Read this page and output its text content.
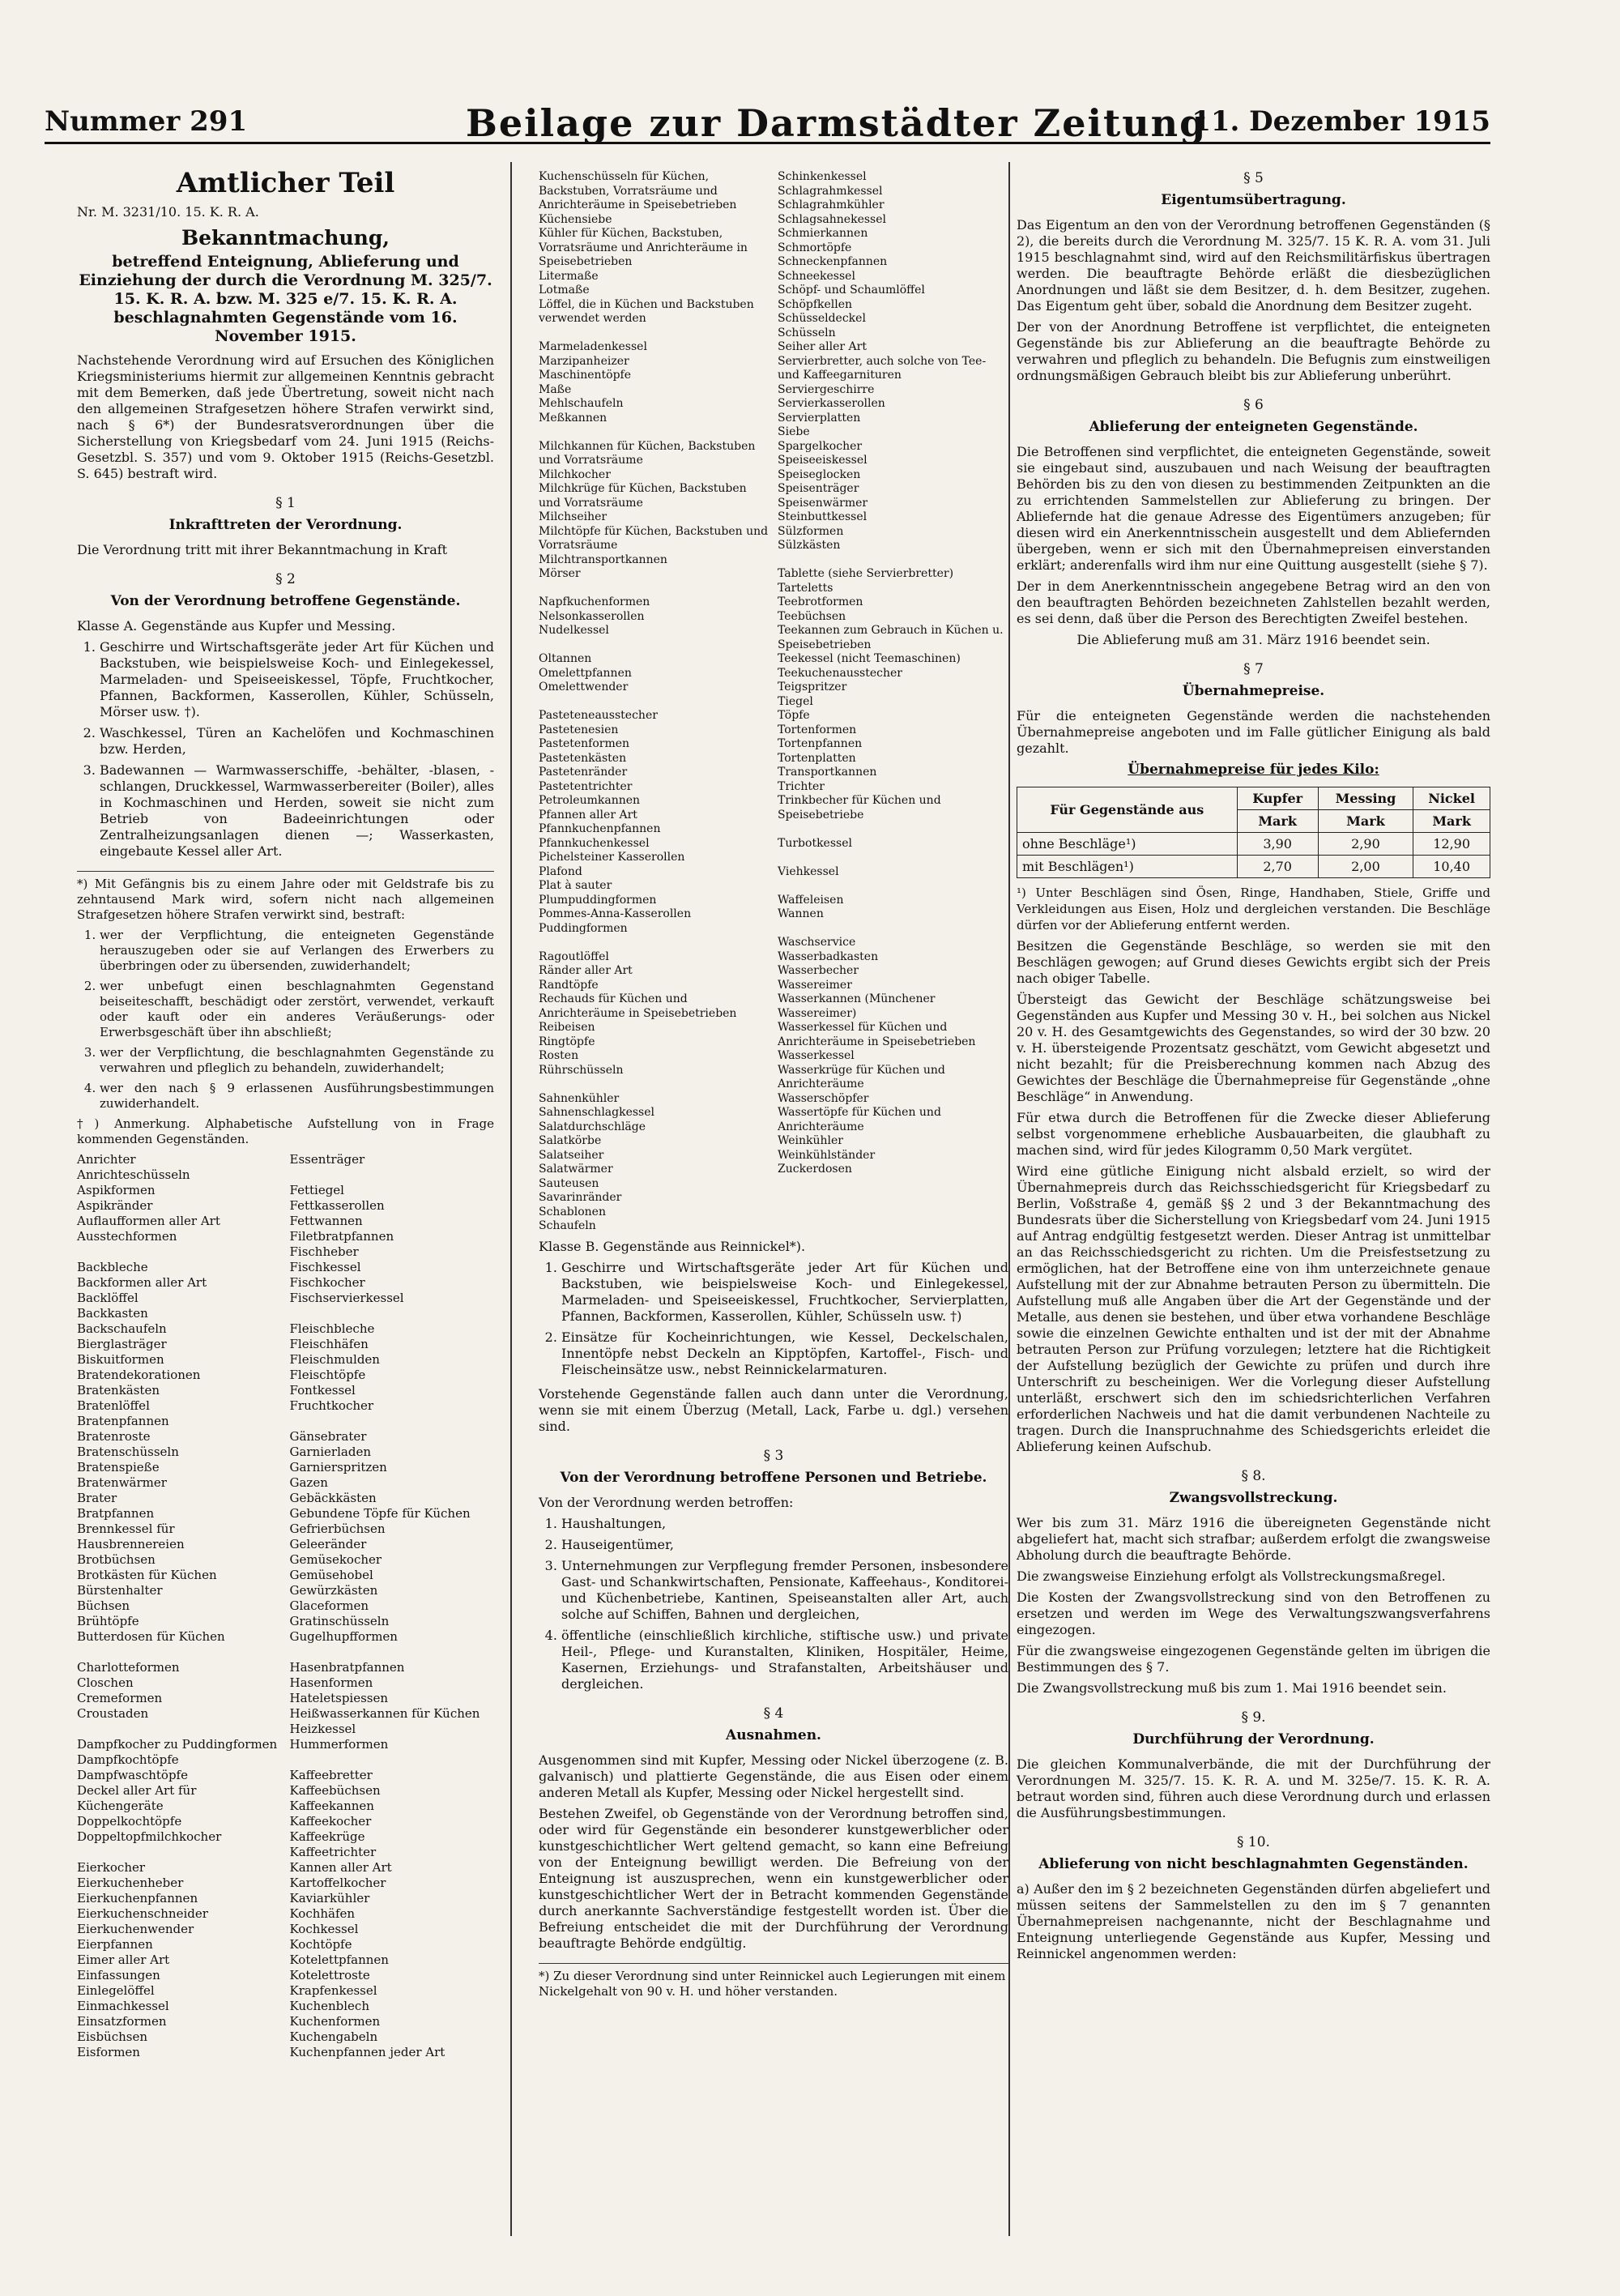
Nummer 291	Beilage zur Darmstädter Zeitung
11. Dezember 1915
Amtlicher Teil
Nr. M. 3231/10. 15. K. R. A.
Bekanntmachung,
betreffend Enteignung, Ablieferung und Einziehung der durch die Verordnung M. 325/7. 15. K. R. A. bzw. M. 325 e/7. 15. K. R. A. beschlagnahmten Gegenstände vom 16. November 1915.

Nachstehende Verordnung wird auf Ersuchen des Königlichen Kriegsministeriums hiermit zur allgemeinen Kenntnis gebracht mit dem Bemerken, daß jede Übertretung, soweit nicht nach den allgemeinen Strafgesetzen höhere Strafen verwirkt sind, nach § 6*) der Bundesratsverordnungen über die Sicherstellung von Kriegsbedarf vom 24. Juni 1915 (Reichs-Gesetzbl. S. 357) und vom 9. Oktober 1915 (Reichs-Gesetzbl. S. 645) bestraft wird.

§ 1
Inkrafttreten der Verordnung.

Die Verordnung tritt mit ihrer Bekanntmachung in Kraft

§ 2
Von der Verordnung betroffene Gegenstände.

Klasse A. Gegenstände aus Kupfer und Messing.

1. Geschirre und Wirtschaftsgeräte jeder Art für Küchen und Backstuben, wie beispielsweise Koch- und Einlegekessel, Marmeladen- und Speiseeiskessel, Töpfe, Fruchtkocher, Pfannen, Backformen, Kasserollen, Kühler, Schüsseln, Mörser usw. †).
2. Waschkessel, Türen an Kachelöfen und Kochmaschinen bzw. Herden,
3. Badewannen — Warmwasserschiffe, -behälter, -blasen, -schlangen, Druckkessel, Warmwasserbereiter (Boiler), alles in Kochmaschinen und Herden, soweit sie nicht zum Betrieb von Badeeinrichtungen oder Zentralheizungsanlagen dienen —; Wasserkasten, eingebaute Kessel aller Art.

*) Mit Gefängnis bis zu einem Jahre oder mit Geldstrafe bis zu zehntausend Mark wird, sofern nicht nach allgemeinen Strafgesetzen höhere Strafen verwirkt sind, bestraft:

1. wer der Verpflichtung, die enteigneten Gegenstände herauszugeben oder sie auf Verlangen des Erwerbers zu überbringen oder zu übersenden, zuwiderhandelt;
2. wer unbefugt einen beschlagnahmten Gegenstand beiseiteschafft, beschädigt oder zerstört, verwendet, verkauft oder kauft oder ein anderes Veräußerungs- oder Erwerbsgeschäft über ihn abschließt;
3. wer der Verpflichtung, die beschlagnahmten Gegenstände zu verwahren und pfleglich zu behandeln, zuwiderhandelt;
4. wer den nach § 9 erlassenen Ausführungsbestimmungen zuwiderhandelt.

†) Anmerkung. Alphabetische Aufstellung von in Frage kommenden Gegenständen.

Anrichter
Anrichteschüsseln
Aspikformen
Aspikränder
Auflaufformen aller Art
Ausstechformen

Backbleche
Backformen aller Art
Backlöffel
Backkasten
Backschaufeln
Bierglasträger
Biskuitformen
Bratendekorationen
Bratenkästen
Bratenlöffel
Bratenpfannen
Bratenroste
Bratenschüsseln
Bratenspieße
Bratenwärmer
Brater
Bratpfannen
Brennkessel für Hausbrennereien
Brotbüchsen
Brotkästen für Küchen
Bürstenhalter
Büchsen
Brühtöpfe
Butterdosen für Küchen

Charlotteformen
Closchen
Cremeformen
Croustaden

Dampfkocher zu Puddingformen
Dampfkochtöpfe
Dampfwaschtöpfe
Deckel aller Art für Küchengeräte
Doppelkochtöpfe
Doppeltopfmilchkocher

Eierkocher
Eierkuchenheber
Eierkuchenpfannen
Eierkuchenschneider
Eierkuchenwender
Eierpfannen
Eimer aller Art
Einfassungen
Einlegelöffel
Einmachkessel
Einsatzformen
Eisbüchsen
Eisformen
Essenträger

Fettiegel
Fettkasserollen
Fettwannen
Filetbratpfannen
Fischheber
Fischkessel
Fischkocher
Fischservierkessel

Fleischbleche
Fleischhäfen
Fleischmulden
Fleischtöpfe
Fontkessel
Fruchtkocher

Gänsebrater
Garnierladen
Garnierspritzen
Gazen
Gebäckkästen
Gebundene Töpfe für Küchen
Gefrierbüchsen
Geleeränder
Gemüsekocher
Gemüsehobel
Gewürzkästen
Glaceformen
Gratinschüsseln
Gugelhupfformen

Hasenbratpfannen
Hasenformen
Hateletspiessen
Heißwasserkannen für Küchen
Heizkessel
Hummerformen

Kaffeebretter
Kaffeebüchsen
Kaffeekannen
Kaffeekocher
Kaffeekrüge
Kaffeetrichter
Kannen aller Art
Kartoffelkocher
Kaviarkühler
Kochhäfen
Kochkessel
Kochtöpfe
Kotelettpfannen
Kotelettroste
Krapfenkessel
Kuchenblech
Kuchenformen
Kuchengabeln
Kuchenpfannen jeder Art
Kuchenschüsseln für Küchen, Backstuben, Vorratsräume und Anrichteräume in Speisebetrieben
Küchensiebe
Kühler für Küchen, Backstuben, Vorratsräume und Anrichteräume in Speisebetrieben
Litermaße
Lotmaße
Löffel, die in Küchen und Backstuben verwendet werden

Marmeladenkessel
Marzipanheizer
Maschinentöpfe
Maße
Mehlschaufeln
Meßkannen

Milchkannen für Küchen, Backstuben und Vorratsräume
Milchkocher
Milchkrüge für Küchen, Backstuben und Vorratsräume
Milchseiher
Milchtöpfe für Küchen, Backstuben und Vorratsräume
Milchtransportkannen
Mörser

Napfkuchenformen
Nelsonkasserollen
Nudelkessel

Oltannen
Omelettpfannen
Omelettwender

Pasteteneausstecher
Pastetenesien
Pastetenformen
Pastetenkästen
Pastetenränder
Pastetentrichter
Petroleumkannen
Pfannen aller Art
Pfannkuchenpfannen
Pfannkuchenkessel
Pichelsteiner Kasserollen
Plafond
Plat à sauter
Plumpuddingformen
Pommes-Anna-Kasserollen
Puddingformen

Ragoutlöffel
Ränder aller Art
Randtöpfe
Rechauds für Küchen und Anrichteräume in Speisebetrieben
Reibeisen
Ringtöpfe
Rosten
Rührschüsseln

Sahnenkühler
Sahnenschlagkessel
Salatdurchschläge
Salatkörbe
Salatseiher
Salatwärmer
Sauteusen
Savarinränder
Schablonen
Schaufeln
Schinkenkessel
Schlagrahmkessel
Schlagrahmkühler
Schlagsahnekessel
Schmierkannen
Schmortöpfe
Schneckenpfannen
Schneekessel
Schöpf- und Schaumlöffel
Schöpfkellen
Schüsseldeckel
Schüsseln
Seiher aller Art
Servierbretter, auch solche von Tee- und Kaffeegarnituren
Serviergeschirre
Servierkasserollen
Servierplatten
Siebe
Spargelkocher
Speiseeiskessel
Speiseglocken
Speisenträger
Speisenwärmer
Steinbuttkessel
Sülzformen
Sülzkästen

Tablette (siehe Servierbretter)
Tarteletts
Teebrotformen
Teebüchsen
Teekannen zum Gebrauch in Küchen u. Speisebetrieben
Teekessel (nicht Teemaschinen)
Teekuchenausstecher
Teigspritzer
Tiegel
Töpfe
Tortenformen
Tortenpfannen
Tortenplatten
Transportkannen
Trichter
Trinkbecher für Küchen und Speisebetriebe

Turbotkessel

Viehkessel

Waffeleisen
Wannen

Waschservice
Wasserbadkasten
Wasserbecher
Wassereimer
Wasserkannen (Münchener Wassereimer)
Wasserkessel für Küchen und Anrichteräume in Speisebetrieben
Wasserkessel
Wasserkrüge für Küchen und Anrichteräume
Wasserschöpfer
Wassertöpfe für Küchen und Anrichteräume
Weinkühler
Weinkühlständer
Zuckerdosen

Klasse B. Gegenstände aus Reinnickel*).

1. Geschirre und Wirtschaftsgeräte jeder Art für Küchen und Backstuben, wie beispielsweise Koch- und Einlegekessel, Marmeladen- und Speiseeiskessel, Fruchtkocher, Servierplatten, Pfannen, Backformen, Kasserollen, Kühler, Schüsseln usw. †)
2. Einsätze für Kocheinrichtungen, wie Kessel, Deckelschalen, Innentöpfe nebst Deckeln an Kipptöpfen, Kartoffel-, Fisch- und Fleischeinsätze usw., nebst Reinnickelarmaturen.

Vorstehende Gegenstände fallen auch dann unter die Verordnung, wenn sie mit einem Überzug (Metall, Lack, Farbe u. dgl.) versehen sind.

§ 3
Von der Verordnung betroffene Personen und Betriebe.

Von der Verordnung werden betroffen:

1. Haushaltungen,
2. Hauseigentümer,
3. Unternehmungen zur Verpflegung fremder Personen, insbesondere Gast- und Schankwirtschaften, Pensionate, Kaffeehaus-, Konditorei- und Küchenbetriebe, Kantinen, Speiseanstalten aller Art, auch solche auf Schiffen, Bahnen und dergleichen,
4. öffentliche (einschließlich kirchliche, stiftische usw.) und private Heil-, Pflege- und Kuranstalten, Kliniken, Hospitäler, Heime, Kasernen, Erziehungs- und Strafanstalten, Arbeitshäuser und dergleichen.
§ 4
Ausnahmen.

Ausgenommen sind mit Kupfer, Messing oder Nickel überzogene (z. B. galvanisch) und plattierte Gegenstände, die aus Eisen oder einem anderen Metall als Kupfer, Messing oder Nickel hergestellt sind.

Bestehen Zweifel, ob Gegenstände von der Verordnung betroffen sind, oder wird für Gegenstände ein besonderer kunstgewerblicher oder kunstgeschichtlicher Wert geltend gemacht, so kann eine Befreiung von der Enteignung bewilligt werden. Die Befreiung von der Enteignung ist auszusprechen, wenn ein kunstgewerblicher oder kunstgeschichtlicher Wert der in Betracht kommenden Gegenstände durch anerkannte Sachverständige festgestellt worden ist. Über die Befreiung entscheidet die mit der Durchführung der Verordnung beauftragte Behörde endgültig.

*) Zu dieser Verordnung sind unter Reinnickel auch Legierungen mit einem Nickelgehalt von 90 v. H. und höher verstanden.
§ 5
Eigentumsübertragung.

Das Eigentum an den von der Verordnung betroffenen Gegenständen (§ 2), die bereits durch die Verordnung M. 325/7. 15 K. R. A. vom 31. Juli 1915 beschlagnahmt sind, wird auf den Reichsmilitärfiskus übertragen werden. Die beauftragte Behörde erläßt die diesbezüglichen Anordnungen und läßt sie dem Besitzer, d. h. dem Besitzer, zugehen. Das Eigentum geht über, sobald die Anordnung dem Besitzer zugeht.

Der von der Anordnung Betroffene ist verpflichtet, die enteigneten Gegenstände bis zur Ablieferung an die beauftragte Behörde zu verwahren und pfleglich zu behandeln. Die Befugnis zum einstweiligen ordnungsmäßigen Gebrauch bleibt bis zur Ablieferung unberührt.

§ 6
Ablieferung der enteigneten Gegenstände.

Die Betroffenen sind verpflichtet, die enteigneten Gegenstände, soweit sie eingebaut sind, auszubauen und nach Weisung der beauftragten Behörden bis zu den von diesen zu bestimmenden Zeitpunkten an die zu errichtenden Sammelstellen zur Ablieferung zu bringen. Der Abliefernde hat die genaue Adresse des Eigentümers anzugeben; für diesen wird ein Anerkenntnisschein ausgestellt und dem Abliefernden übergeben, wenn er sich mit den Übernahmepreisen einverstanden erklärt; anderenfalls wird ihm nur eine Quittung ausgestellt (siehe § 7).

Der in dem Anerkenntnisschein angegebene Betrag wird an den von den beauftragten Behörden bezeichneten Zahlstellen bezahlt werden, es sei denn, daß über die Person des Berechtigten Zweifel bestehen.

Die Ablieferung muß am 31. März 1916 beendet sein.

§ 7
Übernahmepreise.

Für die enteigneten Gegenstände werden die nachstehenden Übernahmepreise angeboten und im Falle gütlicher Einigung als bald gezahlt.

Übernahmepreise für jedes Kilo:
Für Gegenstände aus	Kupfer	Messing	Nickel
	Mark	Mark	Mark
ohne Beschläge¹)	3,90	2,90	12,90
mit Beschlägen¹)	2,70	2,00	10,40

¹) Unter Beschlägen sind Ösen, Ringe, Handhaben, Stiele, Griffe und Verkleidungen aus Eisen, Holz und dergleichen verstanden. Die Beschläge dürfen vor der Ablieferung entfernt werden.

Besitzen die Gegenstände Beschläge, so werden sie mit den Beschlägen gewogen; auf Grund dieses Gewichts ergibt sich der Preis nach obiger Tabelle.

Übersteigt das Gewicht der Beschläge schätzungsweise bei Gegenständen aus Kupfer und Messing 30 v. H., bei solchen aus Nickel 20 v. H. des Gesamtgewichts des Gegenstandes, so wird der 30 bzw. 20 v. H. übersteigende Prozentsatz geschätzt, vom Gewicht abgesetzt und nicht bezahlt; für die Preisberechnung kommen nach Abzug des Gewichtes der Beschläge die Übernahmepreise für Gegenstände „ohne Beschläge“ in Anwendung.

Für etwa durch die Betroffenen für die Zwecke dieser Ablieferung selbst vorgenommene erhebliche Ausbauarbeiten, die glaubhaft zu machen sind, wird für jedes Kilogramm 0,50 Mark vergütet.

Wird eine gütliche Einigung nicht alsbald erzielt, so wird der Übernahmepreis durch das Reichsschiedsgericht für Kriegsbedarf zu Berlin, Voßstraße 4, gemäß §§ 2 und 3 der Bekanntmachung des Bundesrats über die Sicherstellung von Kriegsbedarf vom 24. Juni 1915 auf Antrag endgültig festgesetzt werden. Dieser Antrag ist unmittelbar an das Reichsschiedsgericht zu richten. Um die Preisfestsetzung zu ermöglichen, hat der Betroffene eine von ihm unterzeichnete genaue Aufstellung mit der zur Abnahme betrauten Person zu übermitteln. Die Aufstellung muß alle Angaben über die Art der Gegenstände und der Metalle, aus denen sie bestehen, und über etwa vorhandene Beschläge sowie die einzelnen Gewichte enthalten und ist der mit der Abnahme betrauten Person zur Prüfung vorzulegen; letztere hat die Richtigkeit der Aufstellung bezüglich der Gewichte zu prüfen und durch ihre Unterschrift zu bescheinigen. Wer die Vorlegung dieser Aufstellung unterläßt, erschwert sich den im schiedsrichterlichen Verfahren erforderlichen Nachweis und hat die damit verbundenen Nachteile zu tragen. Durch die Inanspruchnahme des Schiedsgerichts erleidet die Ablieferung keinen Aufschub.

§ 8.
Zwangsvollstreckung.

Wer bis zum 31. März 1916 die übereigneten Gegenstände nicht abgeliefert hat, macht sich strafbar; außerdem erfolgt die zwangsweise Abholung durch die beauftragte Behörde.

Die zwangsweise Einziehung erfolgt als Vollstreckungsmaßregel.

Die Kosten der Zwangsvollstreckung sind von den Betroffenen zu ersetzen und werden im Wege des Verwaltungszwangsverfahrens eingezogen.

Für die zwangsweise eingezogenen Gegenstände gelten im übrigen die Bestimmungen des § 7.

Die Zwangsvollstreckung muß bis zum 1. Mai 1916 beendet sein.

§ 9.
Durchführung der Verordnung.

Die gleichen Kommunalverbände, die mit der Durchführung der Verordnungen M. 325/7. 15. K. R. A. und M. 325e/7. 15. K. R. A. betraut worden sind, führen auch diese Verordnung durch und erlassen die Ausführungsbestimmungen.

§ 10.
Ablieferung von nicht beschlagnahmten Gegenständen.

a) Außer den im § 2 bezeichneten Gegenständen dürfen abgeliefert und müssen seitens der Sammelstellen zu den im § 7 genannten Übernahmepreisen nachgenannte, nicht der Beschlagnahme und Enteignung unterliegende Gegenstände aus Kupfer, Messing und Reinnickel angenommen werden:
